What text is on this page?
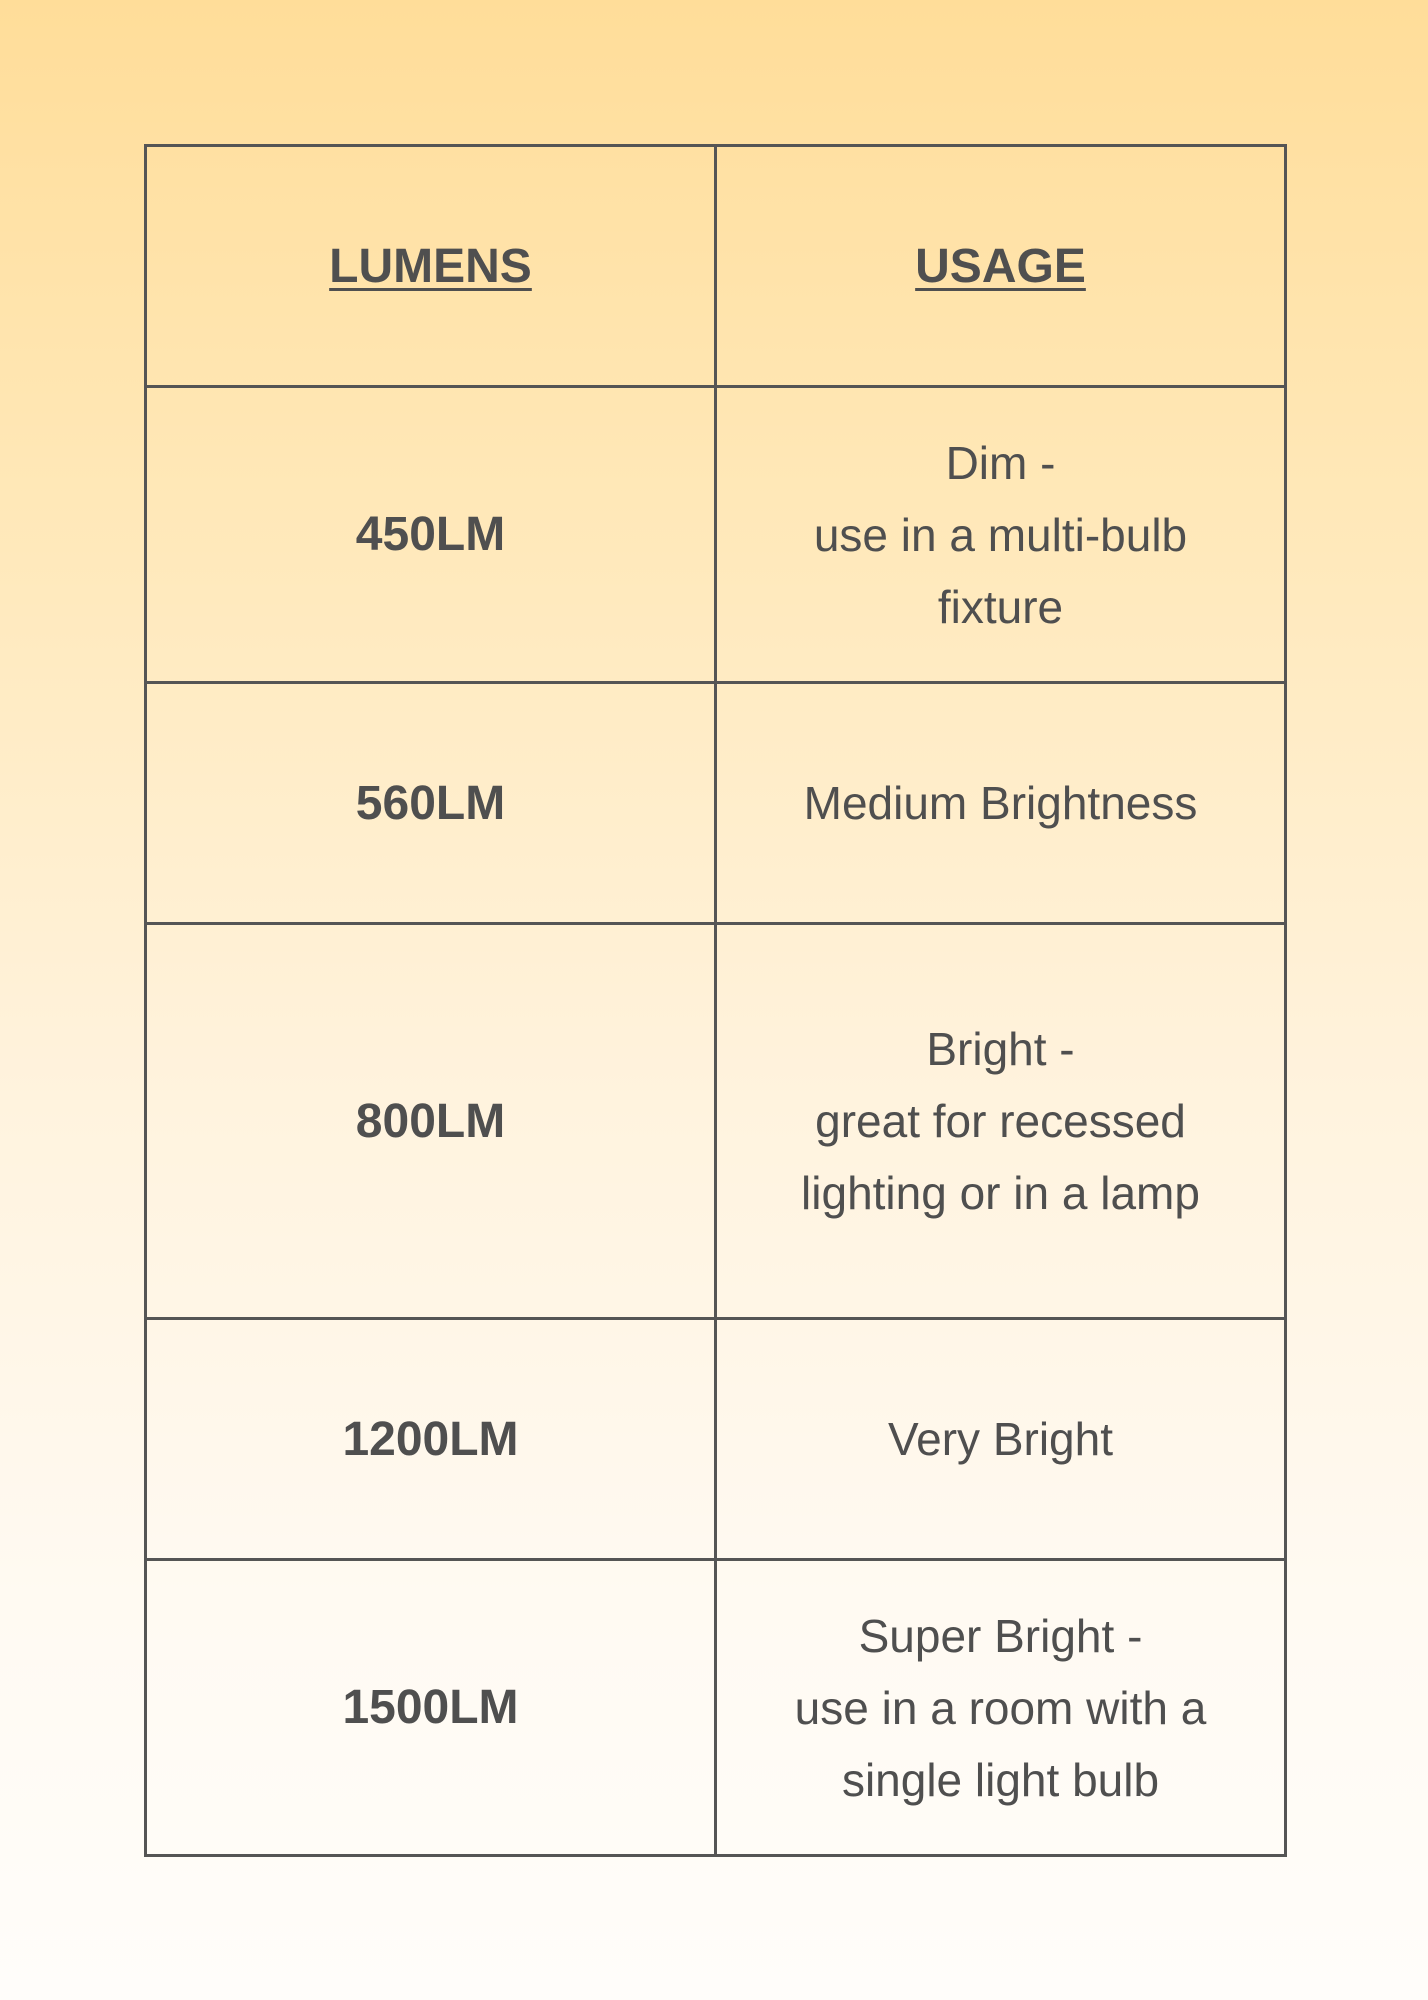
LUMENS	USAGE
450LM	Dim -
use in a multi-bulb
fixture

560LM	Medium Brightness

800LM	Bright -
great for recessed
lighting or in a lamp

1200LM	Very Bright

1500LM	Super Bright -
use in a room with a
single light bulb
